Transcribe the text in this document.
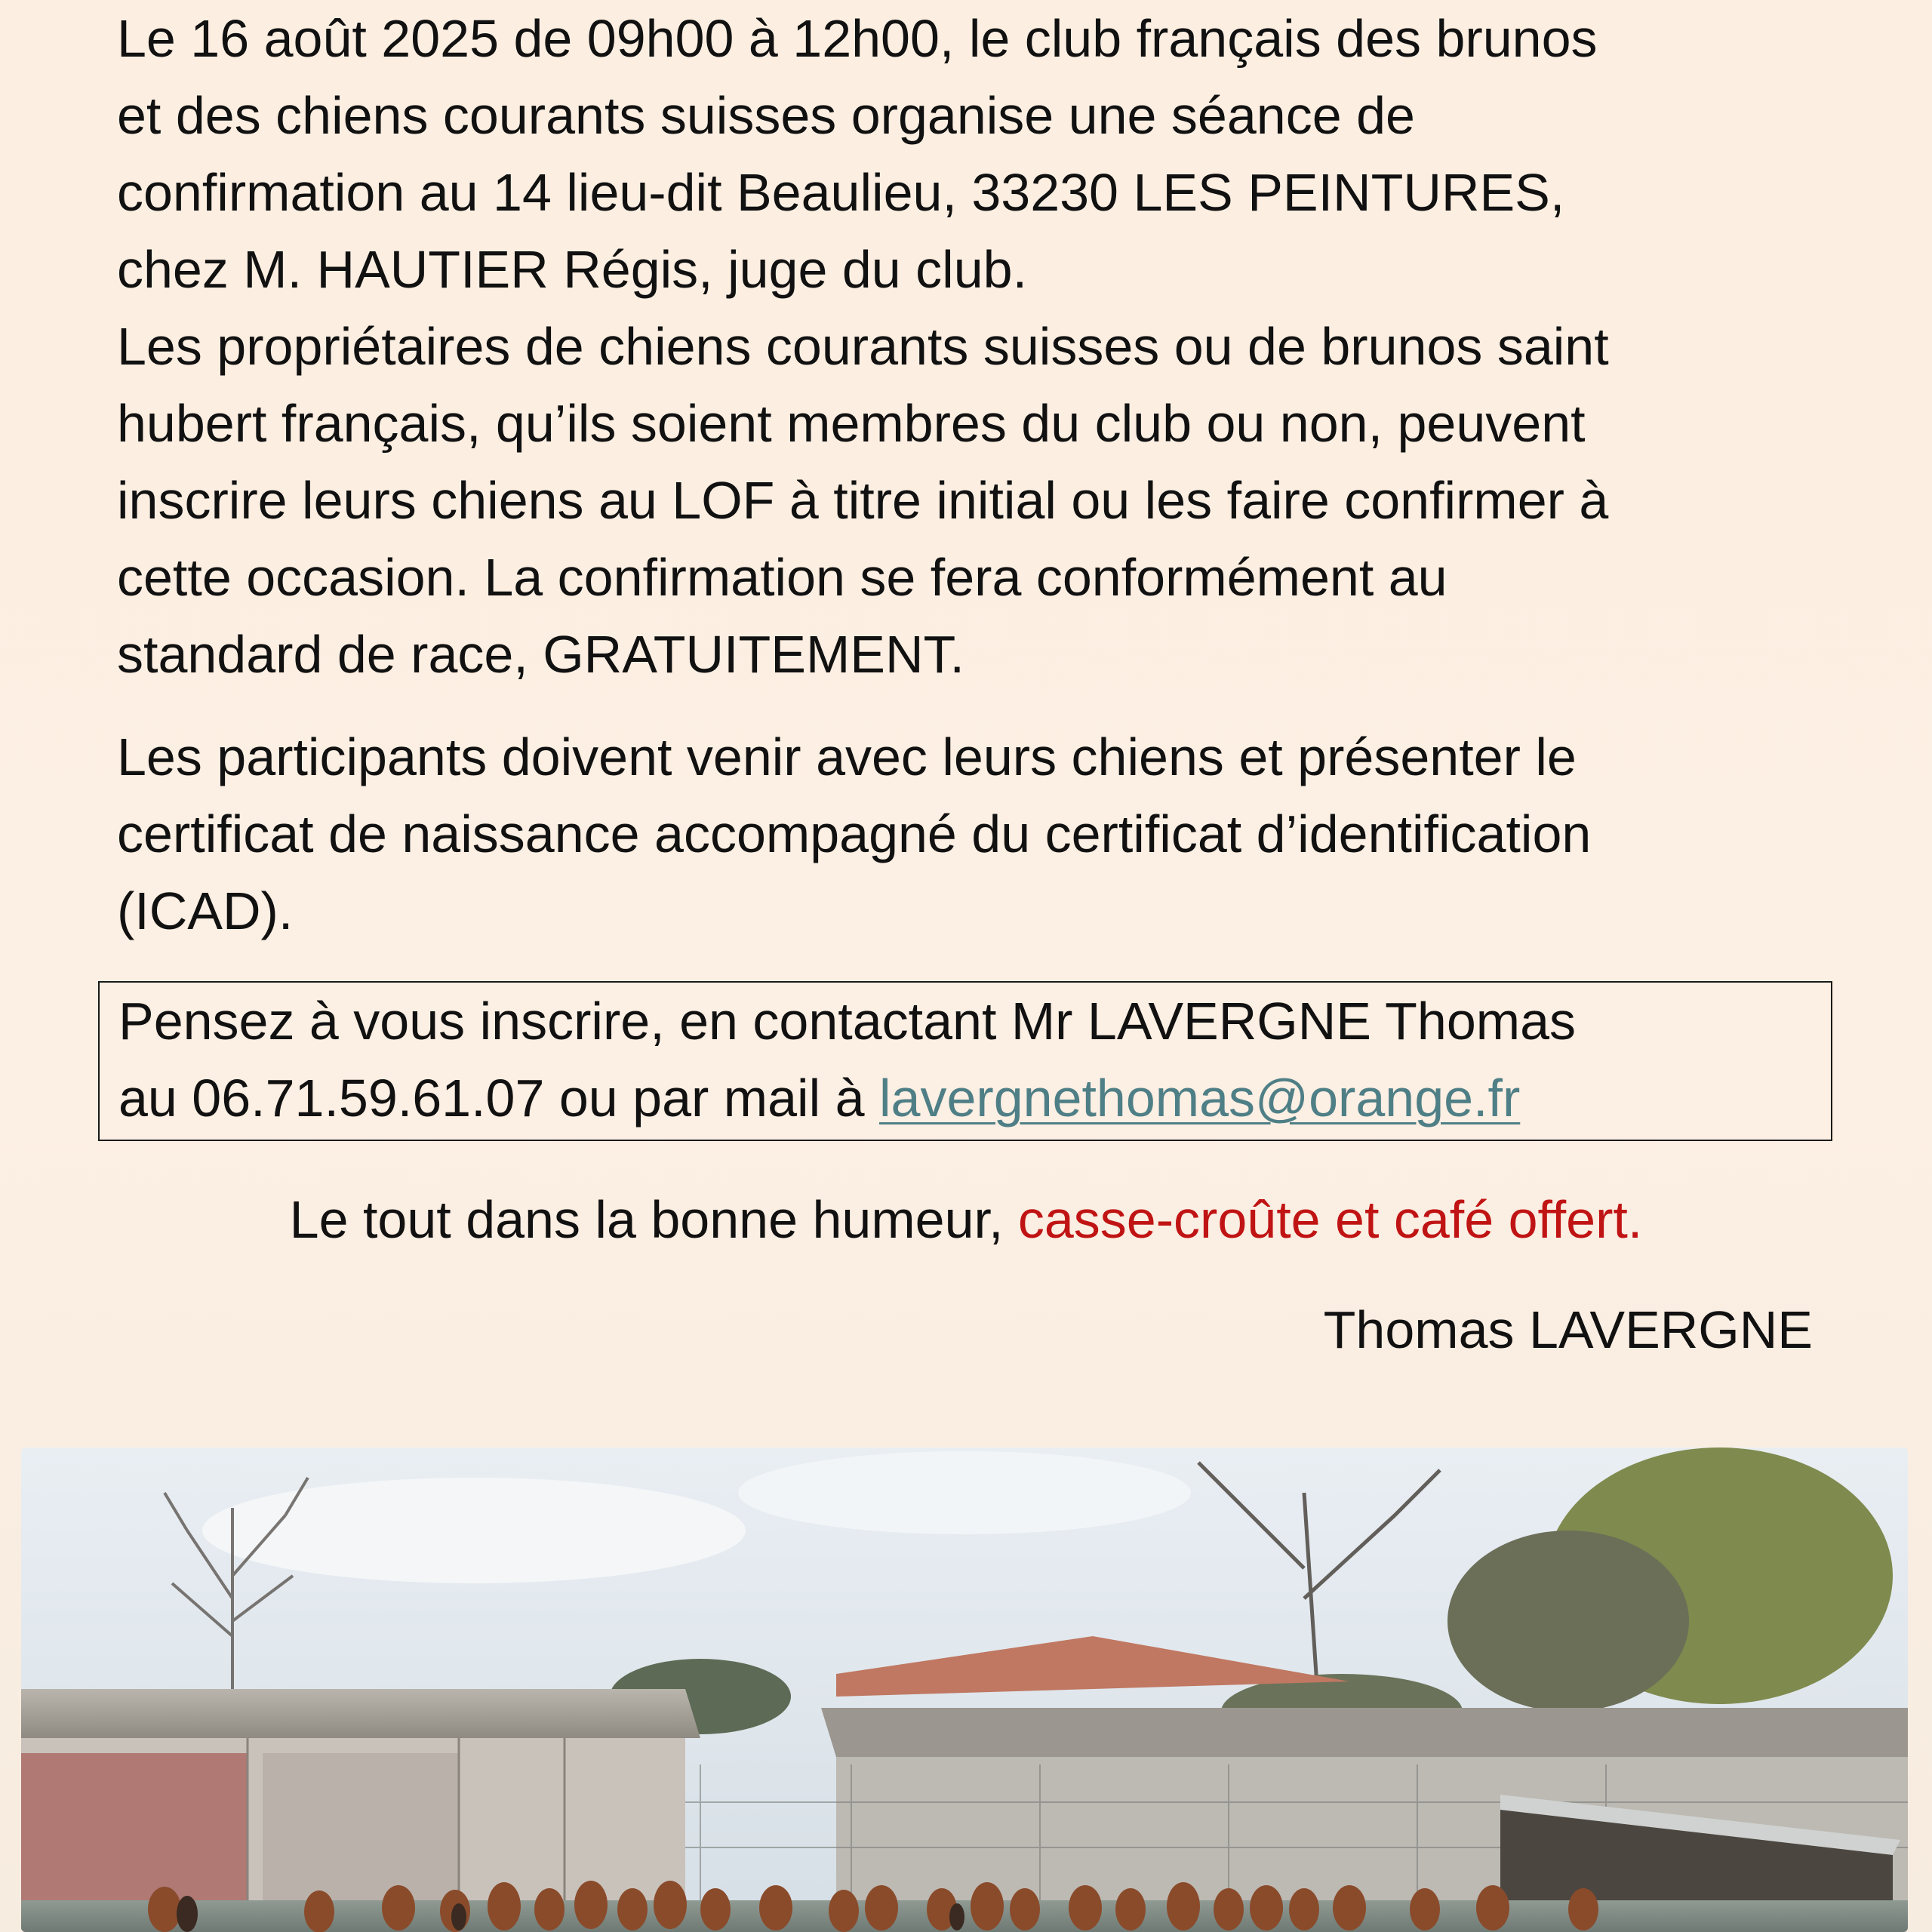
Le 16 août 2025 de 09h00 à 12h00, le club français des brunos
et des chiens courants suisses organise une séance de
confirmation au 14 lieu-dit Beaulieu, 33230 LES PEINTURES,
chez M. HAUTIER Régis, juge du club.
Les propriétaires de chiens courants suisses ou de brunos saint
hubert français, qu’ils soient membres du club ou non, peuvent
inscrire leurs chiens au LOF à titre initial ou les faire confirmer à
cette occasion. La confirmation se fera conformément au
standard de race, GRATUITEMENT.
Les participants doivent venir avec leurs chiens et présenter le
certificat de naissance accompagné du certificat d’identification
(ICAD).
Pensez à vous inscrire, en contactant Mr LAVERGNE Thomas
au 06.71.59.61.07 ou par mail à lavergnethomas@orange.fr
Le tout dans la bonne humeur, casse-croûte et café offert.
Thomas LAVERGNE
